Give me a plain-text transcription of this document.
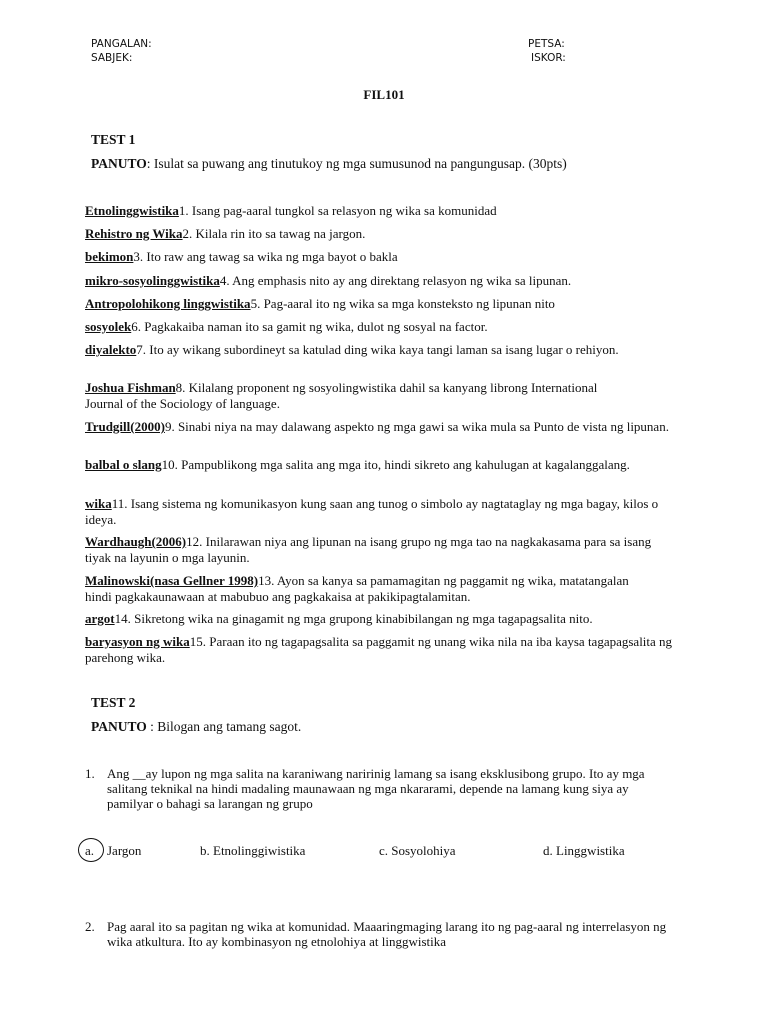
PANGALAN:
SABJEK:
PETSA:
ISKOR:
FIL101
TEST 1
PANUTO: Isulat sa puwang ang tinutukoy ng mga sumusunod na pangungusap. (30pts)
Etnolinggwistika1. Isang pag-aaral tungkol sa relasyon ng wika sa komunidad
Rehistro ng Wika2. Kilala rin ito sa tawag na jargon.
bekimon3. Ito raw ang tawag sa wika ng mga bayot o bakla
mikro-sosyolinggwistika4. Ang emphasis nito ay ang direktang relasyon ng wika sa lipunan.
Antropolohikong linggwistika5. Pag-aaral ito ng wika sa mga konsteksto ng lipunan nito
sosyolek6. Pagkakaiba naman ito sa gamit ng wika, dulot ng sosyal na factor.
diyalekto7. Ito ay wikang subordineyt sa katulad ding wika kaya tangi laman sa isang lugar o rehiyon.
Joshua Fishman8. Kilalang proponent ng sosyolingwistika dahil sa kanyang librong International Journal of the Sociology of language.
Trudgill(2000)9. Sinabi niya na may dalawang aspekto ng mga gawi sa wika mula sa Punto de vista ng lipunan.
balbal o slang10. Pampublikong mga salita ang mga ito, hindi sikreto ang kahulugan at kagalanggalang.
wika11. Isang sistema ng komunikasyon kung saan ang tunog o simbolo ay nagtataglay ng mga bagay, kilos o ideya.
Wardhaugh(2006)12. Inilarawan niya ang lipunan na isang grupo ng mga tao na nagkakasama para sa isang tiyak na layunin o mga layunin.
Malinowski(nasa Gellner 1998)13. Ayon sa kanya sa pamamagitan ng paggamit ng wika, matatangalan hindi pagkakaunawaan at mabubuo ang pagkakaisa at pakikipagtalamitan.
argot14. Sikretong wika na ginagamit ng mga grupong kinabibilangan ng mga tagapagsalita nito.
baryasyon ng wika15. Paraan ito ng tagapagsalita sa paggamit ng unang wika nila na iba kaysa tagapagsalita ng parehong wika.
TEST 2
PANUTO : Bilogan ang tamang sagot.
1. Ang __ay lupon ng mga salita na karaniwang naririnig lamang sa isang eksklusibong grupo. Ito ay mga salitang teknikal na hindi madaling maunawaan ng mga nkararami, depende na lamang kung siya ay pamilyar o bahagi sa larangan ng grupo
a. Jargon	b. Etnolinggiwistika	c. Sosyolohiya	d. Linggwistika
2. Pag aaral ito sa pagitan ng wika at komunidad. Maaaringmaging larang ito ng pag-aaral ng interrelasyon ng wika atkultura. Ito ay kombinasyon ng etnolohiya at linggwistika
